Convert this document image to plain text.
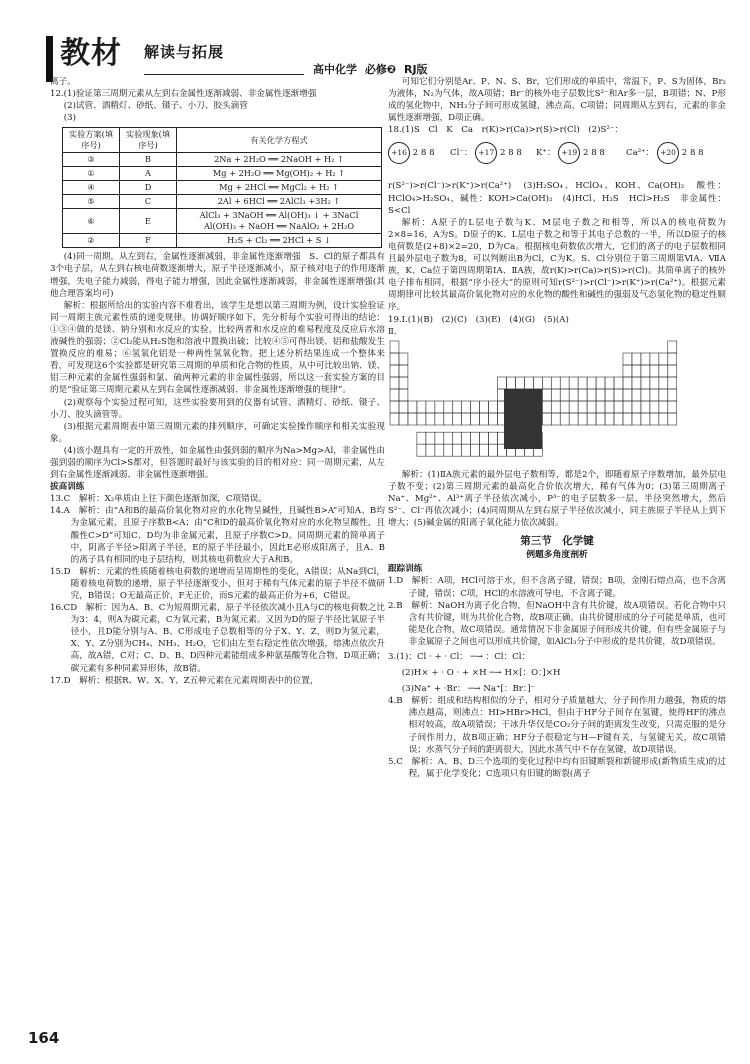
教材 解读与拓展
高中化学 必修❷ RJ版

离子。

12.(1)验证第三周期元素从左到右金属性逐渐减弱、非金属性逐渐增强

(2)试管、酒精灯、砂纸、镊子、小刀、胶头滴管

(3)

实验方案(填序号)	实验现象(填序号)	有关化学方程式
③	B	2Na + 2H₂O ══ 2NaOH + H₂ ↑
①	A	Mg + 2H₂O ══ Mg(OH)₂ + H₂ ↑
④	D	Mg + 2HCl ══ MgCl₂ + H₂ ↑
⑤	C	2Al + 6HCl ══ 2AlCl₃ +3H₂ ↑
⑥	E	AlCl₃ + 3NaOH ══ Al(OH)₃ ↓ + 3NaCl
Al(OH)₃ + NaOH ══ NaAlO₂ + 2H₂O
②	F	H₂S + Cl₂ ══ 2HCl + S ↓

(4)同一周期，从左到右，金属性逐渐减弱，非金属性逐渐增强　S、Cl的原子都具有3个电子层，从左到右核电荷数逐渐增大，原子半径逐渐减小，原子核对电子的作用逐渐增强，失电子能力减弱，得电子能力增强，因此金属性逐渐减弱，非金属性逐渐增强(其他合理答案均可)

解析：根据所给出的实验内容不难看出，该学生是想以第三周期为例，设计实验验证同一周期主族元素性质的递变规律。协调好顺序如下，先分析每个实验可得出的结论：①③④做的是镁、钠分别和水反应的实验，比较两者和水反应的难易程度及反应后水溶液碱性的强弱；②Cl₂能从H₂S饱和溶液中置换出硫；比较④⑤可得出镁、铝和盐酸发生置换反应的难易；⑥氢氧化铝是一种两性氢氧化物。把上述分析结果连成一个整体来看，可发现这6个实验都是研究第三周期的单质和化合物的性质，从中可比较出钠、镁、铝三种元素的金属性强弱和氯、硫两种元素的非金属性强弱，所以这一套实验方案的目的是“验证第三周期元素从左到右金属性逐渐减弱、非金属性逐渐增强的规律”。

(2)观察每个实验过程可知，这些实验要用到的仪器有试管、酒精灯、砂纸、镊子、小刀、胶头滴管等。

(3)根据元素周期表中第三周期元素的排列顺序，可确定实验操作顺序和相关实验现象。

(4)该小题具有一定的开放性，如金属性由强到弱的顺序为Na>Mg>Al，非金属性由强到弱的顺序为Cl>S都对，但答题时最好与该实验的目的相对应：同一周期元素，从左到右金属性逐渐减弱、非金属性逐渐增强。

拔高训练

13.C　解析：X₂单质由上往下颜色逐渐加深，C项错误。

14.A　解析：由“A和B的最高价氧化物对应的水化物呈碱性，且碱性B>A”可知A、B均为金属元素，且原子序数B<A；由“C和D的最高价氧化物对应的水化物呈酸性，且酸性C>D”可知C、D均为非金属元素，且原子序数C>D。同周期元素的简单离子中，阴离子半径>阳离子半径，E的原子半径最小，因此E必形成阳离子，且A、B的离子具有相同的电子层结构，则其核电荷数应大于A和B。

15.D　解析：元素的性质随着核电荷数的递增而呈周期性的变化，A错误；从Na到Cl，随着核电荷数的递增，原子半径逐渐变小，但对于稀有气体元素的原子半径不做研究，B错误；O无最高正价，F无正价，而S元素的最高正价为+6，C错误。

16.CD　解析：因为A、B、C为短周期元素，原子半径依次减小且A与C的核电荷数之比为3：4，则A为碳元素，C为氧元素，B为氮元素。又因为D的原子半径比氧原子半径小，且D能分别与A、B、C形成电子总数相等的分子X、Y、Z，则D为氢元素，X、Y、Z分别为CH₄、NH₃、H₂O，它们由左至右稳定性依次增强，熔沸点依次升高，故A错，C对；C、D、B、D四种元素能组成多种氨基酸等化合物，D项正确；碳元素有多种同素异形体，故B错。

17.D　解析：根据R、W、X、Y、Z五种元素在元素周期表中的位置，

可知它们分别是Ar、P、N、S、Br，它们形成的单质中，常温下，P、S为固体，Br₂为液体，N₂为气体，故A项错；Br⁻的核外电子层数比S²⁻和Ar多一层，B项错；N、P形成的氢化物中，NH₃分子间可形成氢键，沸点高，C项错；同周期从左到右，元素的非金属性逐渐增强，D项正确。

18.(1)S　Cl　K　Ca　r(K)>r(Ca)>r(S)>r(Cl)　(2)S²⁻：

+16 2 8 8 Cl⁻： +17 2 8 8 K⁺： +19 2 8 8 Ca²⁺： +20 2 8 8

r(S²⁻)>r(Cl⁻)>r(K⁺)>r(Ca²⁺)　(3)H₂SO₄、HClO₄、KOH、Ca(OH)₂　酸性：HClO₄>H₂SO₄，碱性：KOH>Ca(OH)₂　(4)HCl、H₂S　HCl>H₂S　非金属性：S<Cl

解析：A原子的L层电子数与K、M层电子数之和相等，所以A的核电荷数为2×8=16，A为S。D原子的K、L层电子数之和等于其电子总数的一半，所以D原子的核电荷数是(2+8)×2=20，D为Ca。根据核电荷数依次增大，它们的离子的电子层数相同且最外层电子数为8，可以判断出B为Cl，C为K。S、Cl分别位于第三周期第ⅥA、ⅦA族，K、Ca位于第四周期第ⅠA、ⅡA族，故r(K)>r(Ca)>r(S)>r(Cl)。其简单离子的核外电子排布相同，根据“序小径大”的原则可知r(S²⁻)>r(Cl⁻)>r(K⁺)>r(Ca²⁺)。根据元素周期律可比较其最高价氧化物对应的水化物的酸性和碱性的强弱及气态氢化物的稳定性顺序。

19.Ⅰ.(1)(B)　(2)(C)　(3)(E)　(4)(G)　(5)(A)

Ⅱ.

解析：(1)ⅡA族元素的最外层电子数相等，都是2个，即随着原子序数增加，最外层电子数不变；(2)第三周期元素的最高化合价依次增大，稀有气体为0；(3)第三周期离子Na⁺、Mg²⁺、Al³⁺离子半径依次减小，P³⁻的电子层数多一层，半径突然增大，然后S²⁻、Cl⁻再依次减小；(4)同周期从左到右原子半径依次减小，同主族原子半径从上到下增大；(5)碱金属的阳离子氧化能力依次减弱。

第三节　化学键
例题多角度剖析

跟踪训练

1.D　解析：A项，HCl可溶于水，但不含离子键，错误；B项，金刚石熔点高，也不含离子键，错误；C项，HCl的水溶液可导电，不含离子键。

2.B　解析：NaOH为离子化合物，但NaOH中含有共价键，故A项错误。若化合物中只含有共价键，则为共价化合物，故B项正确。由共价键形成的分子可能是单质，也可能是化合物，故C项错误。通常情况下非金属原子间形成共价键，但有些金属原子与非金属原子之间也可以形成共价键，如AlCl₃分子中形成的是共价键，故D项错误。

3.(1)：Cl · + · Cl： ─→ ：Cl：Cl：

(2)H× + · O · + ×H ─→ H×[：O：]×H

(3)Na⁺ + ·Br： ─→ Na⁺[：Br：]⁻

4.B　解析：组成和结构相似的分子，相对分子质量越大，分子间作用力越强，物质的熔沸点越高，则沸点：HI>HBr>HCl，但由于HF分子间存在氢键，使得HF的沸点相对较高，故A项错误；干冰升华仅是CO₂分子间的距离发生改变，只需克服的是分子间作用力，故B项正确；HF分子很稳定与H—F键有关，与氢键无关，故C项错误；水蒸气分子间的距离很大，因此水蒸气中不存在氢键，故D项错误。

5.C　解析：A、B、D三个选项的变化过程中均有旧键断裂和新键形成(新物质生成)的过程，属于化学变化；C选项只有旧键的断裂(离子

164
